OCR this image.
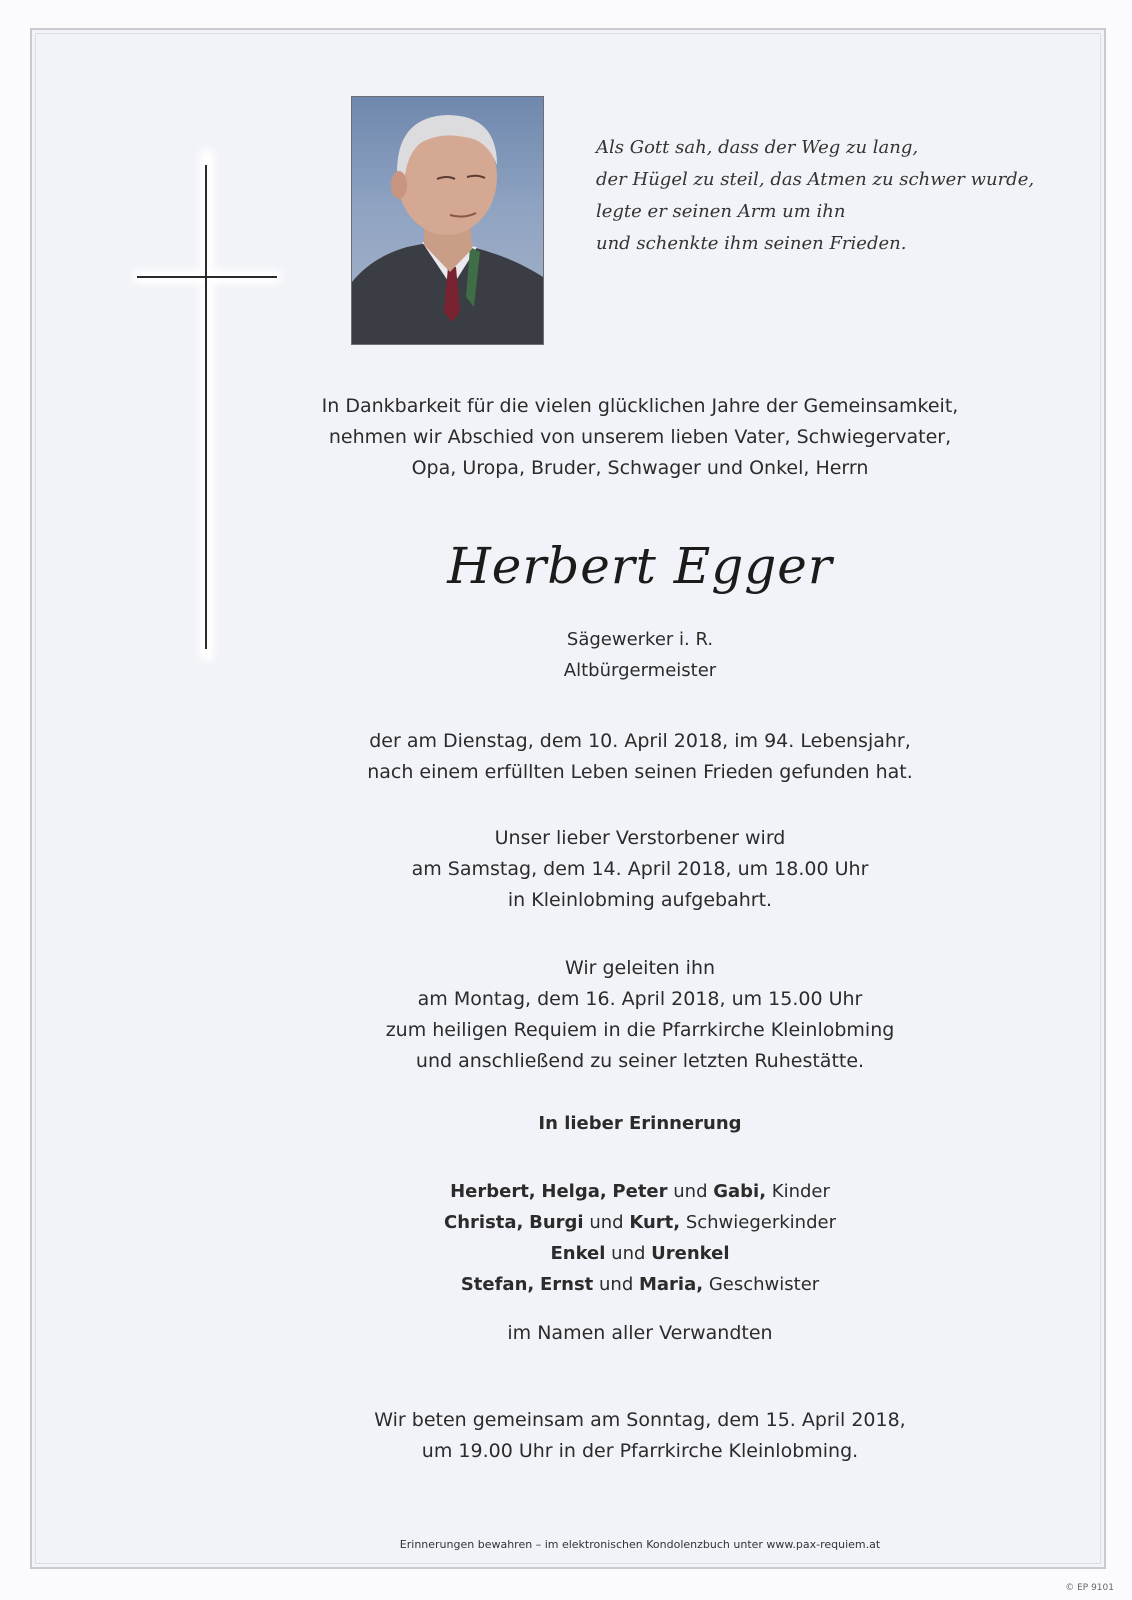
Als Gott sah, dass der Weg zu lang,
der Hügel zu steil, das Atmen zu schwer wurde,
legte er seinen Arm um ihn
und schenkte ihm seinen Frieden.
In Dankbarkeit für die vielen glücklichen Jahre der Gemeinsamkeit,
nehmen wir Abschied von unserem lieben Vater, Schwiegervater,
Opa, Uropa, Bruder, Schwager und Onkel, Herrn
Herbert Egger
Sägewerker i. R.
Altbürgermeister
der am Dienstag, dem 10. April 2018, im 94. Lebensjahr,
nach einem erfüllten Leben seinen Frieden gefunden hat.
Unser lieber Verstorbener wird
am Samstag, dem 14. April 2018, um 18.00 Uhr
in Kleinlobming aufgebahrt.
Wir geleiten ihn
am Montag, dem 16. April 2018, um 15.00 Uhr
zum heiligen Requiem in die Pfarrkirche Kleinlobming
und anschließend zu seiner letzten Ruhestätte.
In lieber Erinnerung
Herbert, Helga, Peter und Gabi, Kinder
Christa, Burgi und Kurt, Schwiegerkinder
Enkel und Urenkel
Stefan, Ernst und Maria, Geschwister
im Namen aller Verwandten
Wir beten gemeinsam am Sonntag, dem 15. April 2018,
um 19.00 Uhr in der Pfarrkirche Kleinlobming.
Erinnerungen bewahren – im elektronischen Kondolenzbuch unter www.pax-requiem.at
© EP 9101
